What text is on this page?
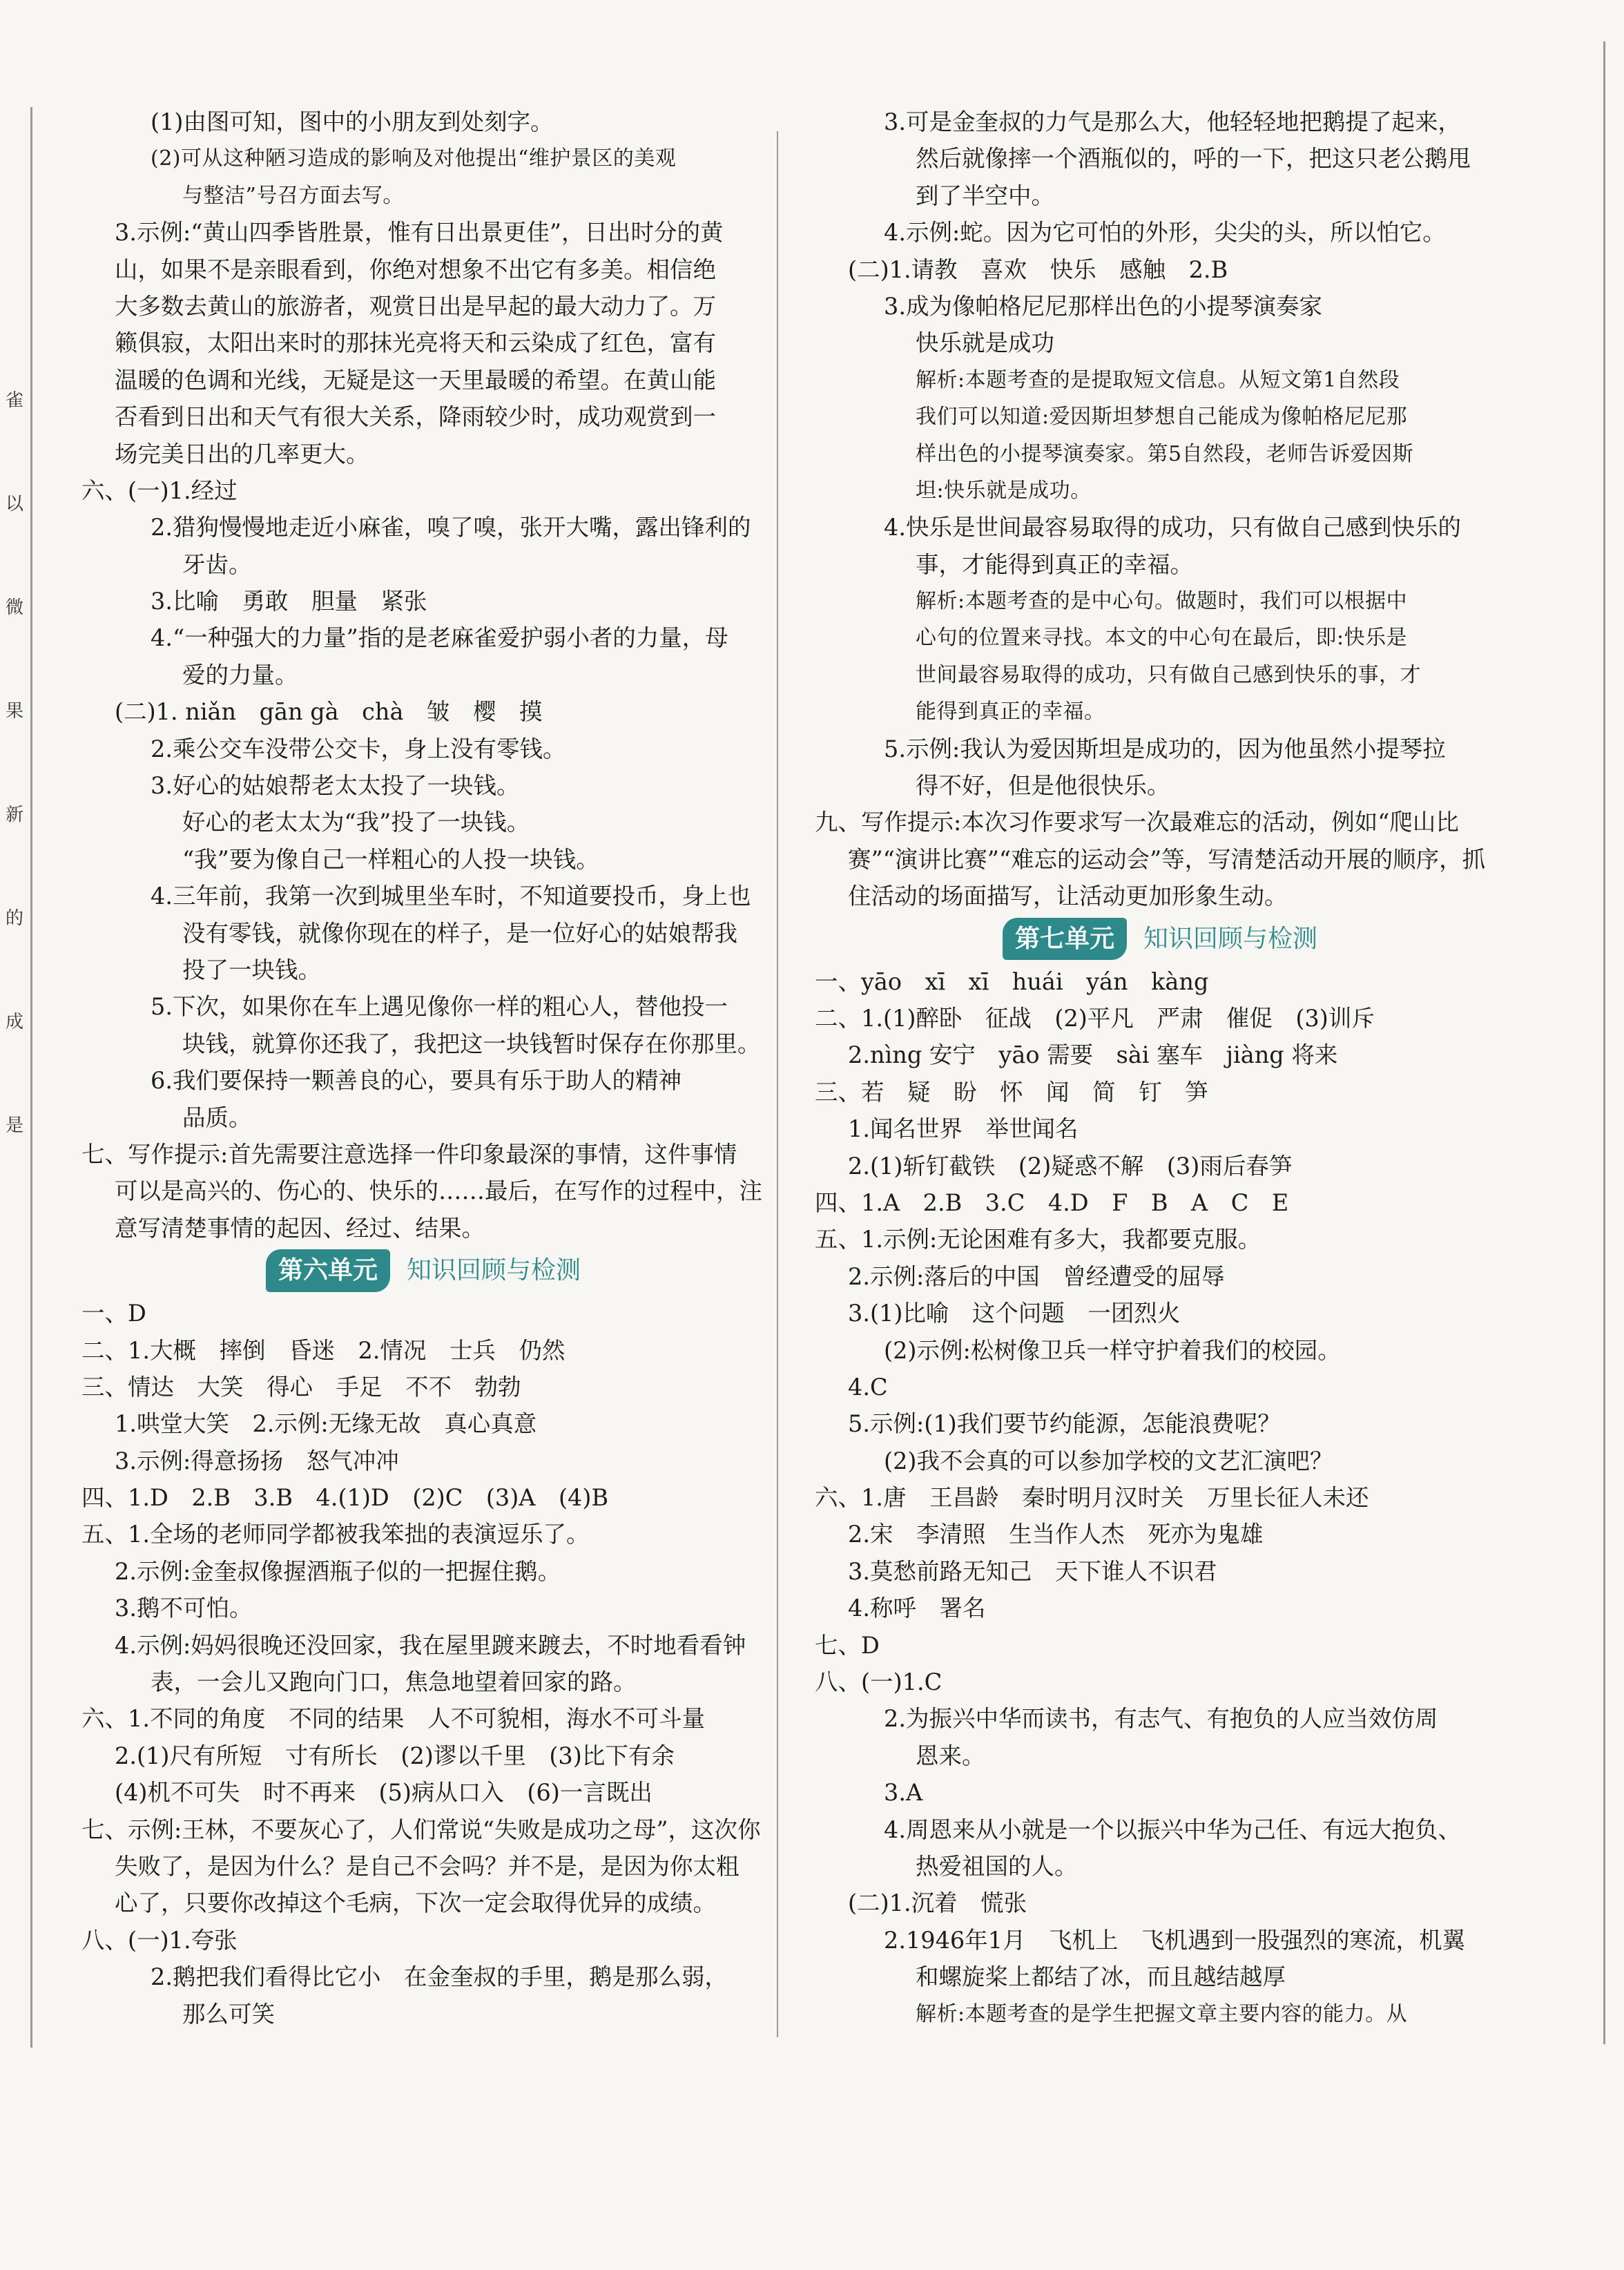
雀
以
微
果
新
的
成
是
(1)由图可知，图中的小朋友到处刻字。
(2)可从这种陋习造成的影响及对他提出“维护景区的美观
与整洁”号召方面去写。
3.示例:“黄山四季皆胜景，惟有日出景更佳”，日出时分的黄
山，如果不是亲眼看到，你绝对想象不出它有多美。相信绝
大多数去黄山的旅游者，观赏日出是早起的最大动力了。万
籁俱寂，太阳出来时的那抹光亮将天和云染成了红色，富有
温暖的色调和光线，无疑是这一天里最暖的希望。在黄山能
否看到日出和天气有很大关系，降雨较少时，成功观赏到一
场完美日出的几率更大。
六、(一)1.经过
2.猎狗慢慢地走近小麻雀，嗅了嗅，张开大嘴，露出锋利的
牙齿。
3.比喻　勇敢　胆量　紧张
4.“一种强大的力量”指的是老麻雀爱护弱小者的力量，母
爱的力量。
(二)1. niǎn　gān gà　chà　皱　樱　摸
2.乘公交车没带公交卡，身上没有零钱。
3.好心的姑娘帮老太太投了一块钱。
好心的老太太为“我”投了一块钱。
“我”要为像自己一样粗心的人投一块钱。
4.三年前，我第一次到城里坐车时，不知道要投币，身上也
没有零钱，就像你现在的样子，是一位好心的姑娘帮我
投了一块钱。
5.下次，如果你在车上遇见像你一样的粗心人，替他投一
块钱，就算你还我了，我把这一块钱暂时保存在你那里。
6.我们要保持一颗善良的心，要具有乐于助人的精神
品质。
七、写作提示:首先需要注意选择一件印象最深的事情，这件事情
可以是高兴的、伤心的、快乐的……最后，在写作的过程中，注
意写清楚事情的起因、经过、结果。
第六单元	知识回顾与检测
一、D
二、1.大概　摔倒　昏迷　2.情况　士兵　仍然
三、情达　大笑　得心　手足　不不　勃勃
1.哄堂大笑　2.示例:无缘无故　真心真意
3.示例:得意扬扬　怒气冲冲
四、1.D　2.B　3.B　4.(1)D　(2)C　(3)A　(4)B
五、1.全场的老师同学都被我笨拙的表演逗乐了。
2.示例:金奎叔像握酒瓶子似的一把握住鹅。
3.鹅不可怕。
4.示例:妈妈很晚还没回家，我在屋里踱来踱去，不时地看看钟
表，一会儿又跑向门口，焦急地望着回家的路。
六、1.不同的角度　不同的结果　人不可貌相，海水不可斗量
2.(1)尺有所短　寸有所长　(2)谬以千里　(3)比下有余
(4)机不可失　时不再来　(5)病从口入　(6)一言既出
七、示例:王林，不要灰心了，人们常说“失败是成功之母”，这次你
失败了，是因为什么？是自己不会吗？并不是，是因为你太粗
心了，只要你改掉这个毛病，下次一定会取得优异的成绩。
八、(一)1.夸张
2.鹅把我们看得比它小　在金奎叔的手里，鹅是那么弱，
那么可笑
3.可是金奎叔的力气是那么大，他轻轻地把鹅提了起来，
然后就像摔一个酒瓶似的，呼的一下，把这只老公鹅甩
到了半空中。
4.示例:蛇。因为它可怕的外形，尖尖的头，所以怕它。
(二)1.请教　喜欢　快乐　感触　2.B
3.成为像帕格尼尼那样出色的小提琴演奏家
快乐就是成功
解析:本题考查的是提取短文信息。从短文第1自然段
我们可以知道:爱因斯坦梦想自己能成为像帕格尼尼那
样出色的小提琴演奏家。第5自然段，老师告诉爱因斯
坦:快乐就是成功。
4.快乐是世间最容易取得的成功，只有做自己感到快乐的
事，才能得到真正的幸福。
解析:本题考查的是中心句。做题时，我们可以根据中
心句的位置来寻找。本文的中心句在最后，即:快乐是
世间最容易取得的成功，只有做自己感到快乐的事，才
能得到真正的幸福。
5.示例:我认为爱因斯坦是成功的，因为他虽然小提琴拉
得不好，但是他很快乐。
九、写作提示:本次习作要求写一次最难忘的活动，例如“爬山比
赛”“演讲比赛”“难忘的运动会”等，写清楚活动开展的顺序，抓
住活动的场面描写，让活动更加形象生动。
第七单元	知识回顾与检测
一、yāo　xī　xī　huái　yán　kàng
二、1.(1)醉卧　征战　(2)平凡　严肃　催促　(3)训斥
2.nìng 安宁　yāo 需要　sài 塞车　jiàng 将来
三、若　疑　盼　怀　闻　简　钉　笋
1.闻名世界　举世闻名
2.(1)斩钉截铁　(2)疑惑不解　(3)雨后春笋
四、1.A　2.B　3.C　4.D　F　B　A　C　E
五、1.示例:无论困难有多大，我都要克服。
2.示例:落后的中国　曾经遭受的屈辱
3.(1)比喻　这个问题　一团烈火
(2)示例:松树像卫兵一样守护着我们的校园。
4.C
5.示例:(1)我们要节约能源，怎能浪费呢？
(2)我不会真的可以参加学校的文艺汇演吧？
六、1.唐　王昌龄　秦时明月汉时关　万里长征人未还
2.宋　李清照　生当作人杰　死亦为鬼雄
3.莫愁前路无知己　天下谁人不识君
4.称呼　署名
七、D
八、(一)1.C
2.为振兴中华而读书，有志气、有抱负的人应当效仿周
恩来。
3.A
4.周恩来从小就是一个以振兴中华为己任、有远大抱负、
热爱祖国的人。
(二)1.沉着　慌张
2.1946年1月　飞机上　飞机遇到一股强烈的寒流，机翼
和螺旋桨上都结了冰，而且越结越厚
解析:本题考查的是学生把握文章主要内容的能力。从
